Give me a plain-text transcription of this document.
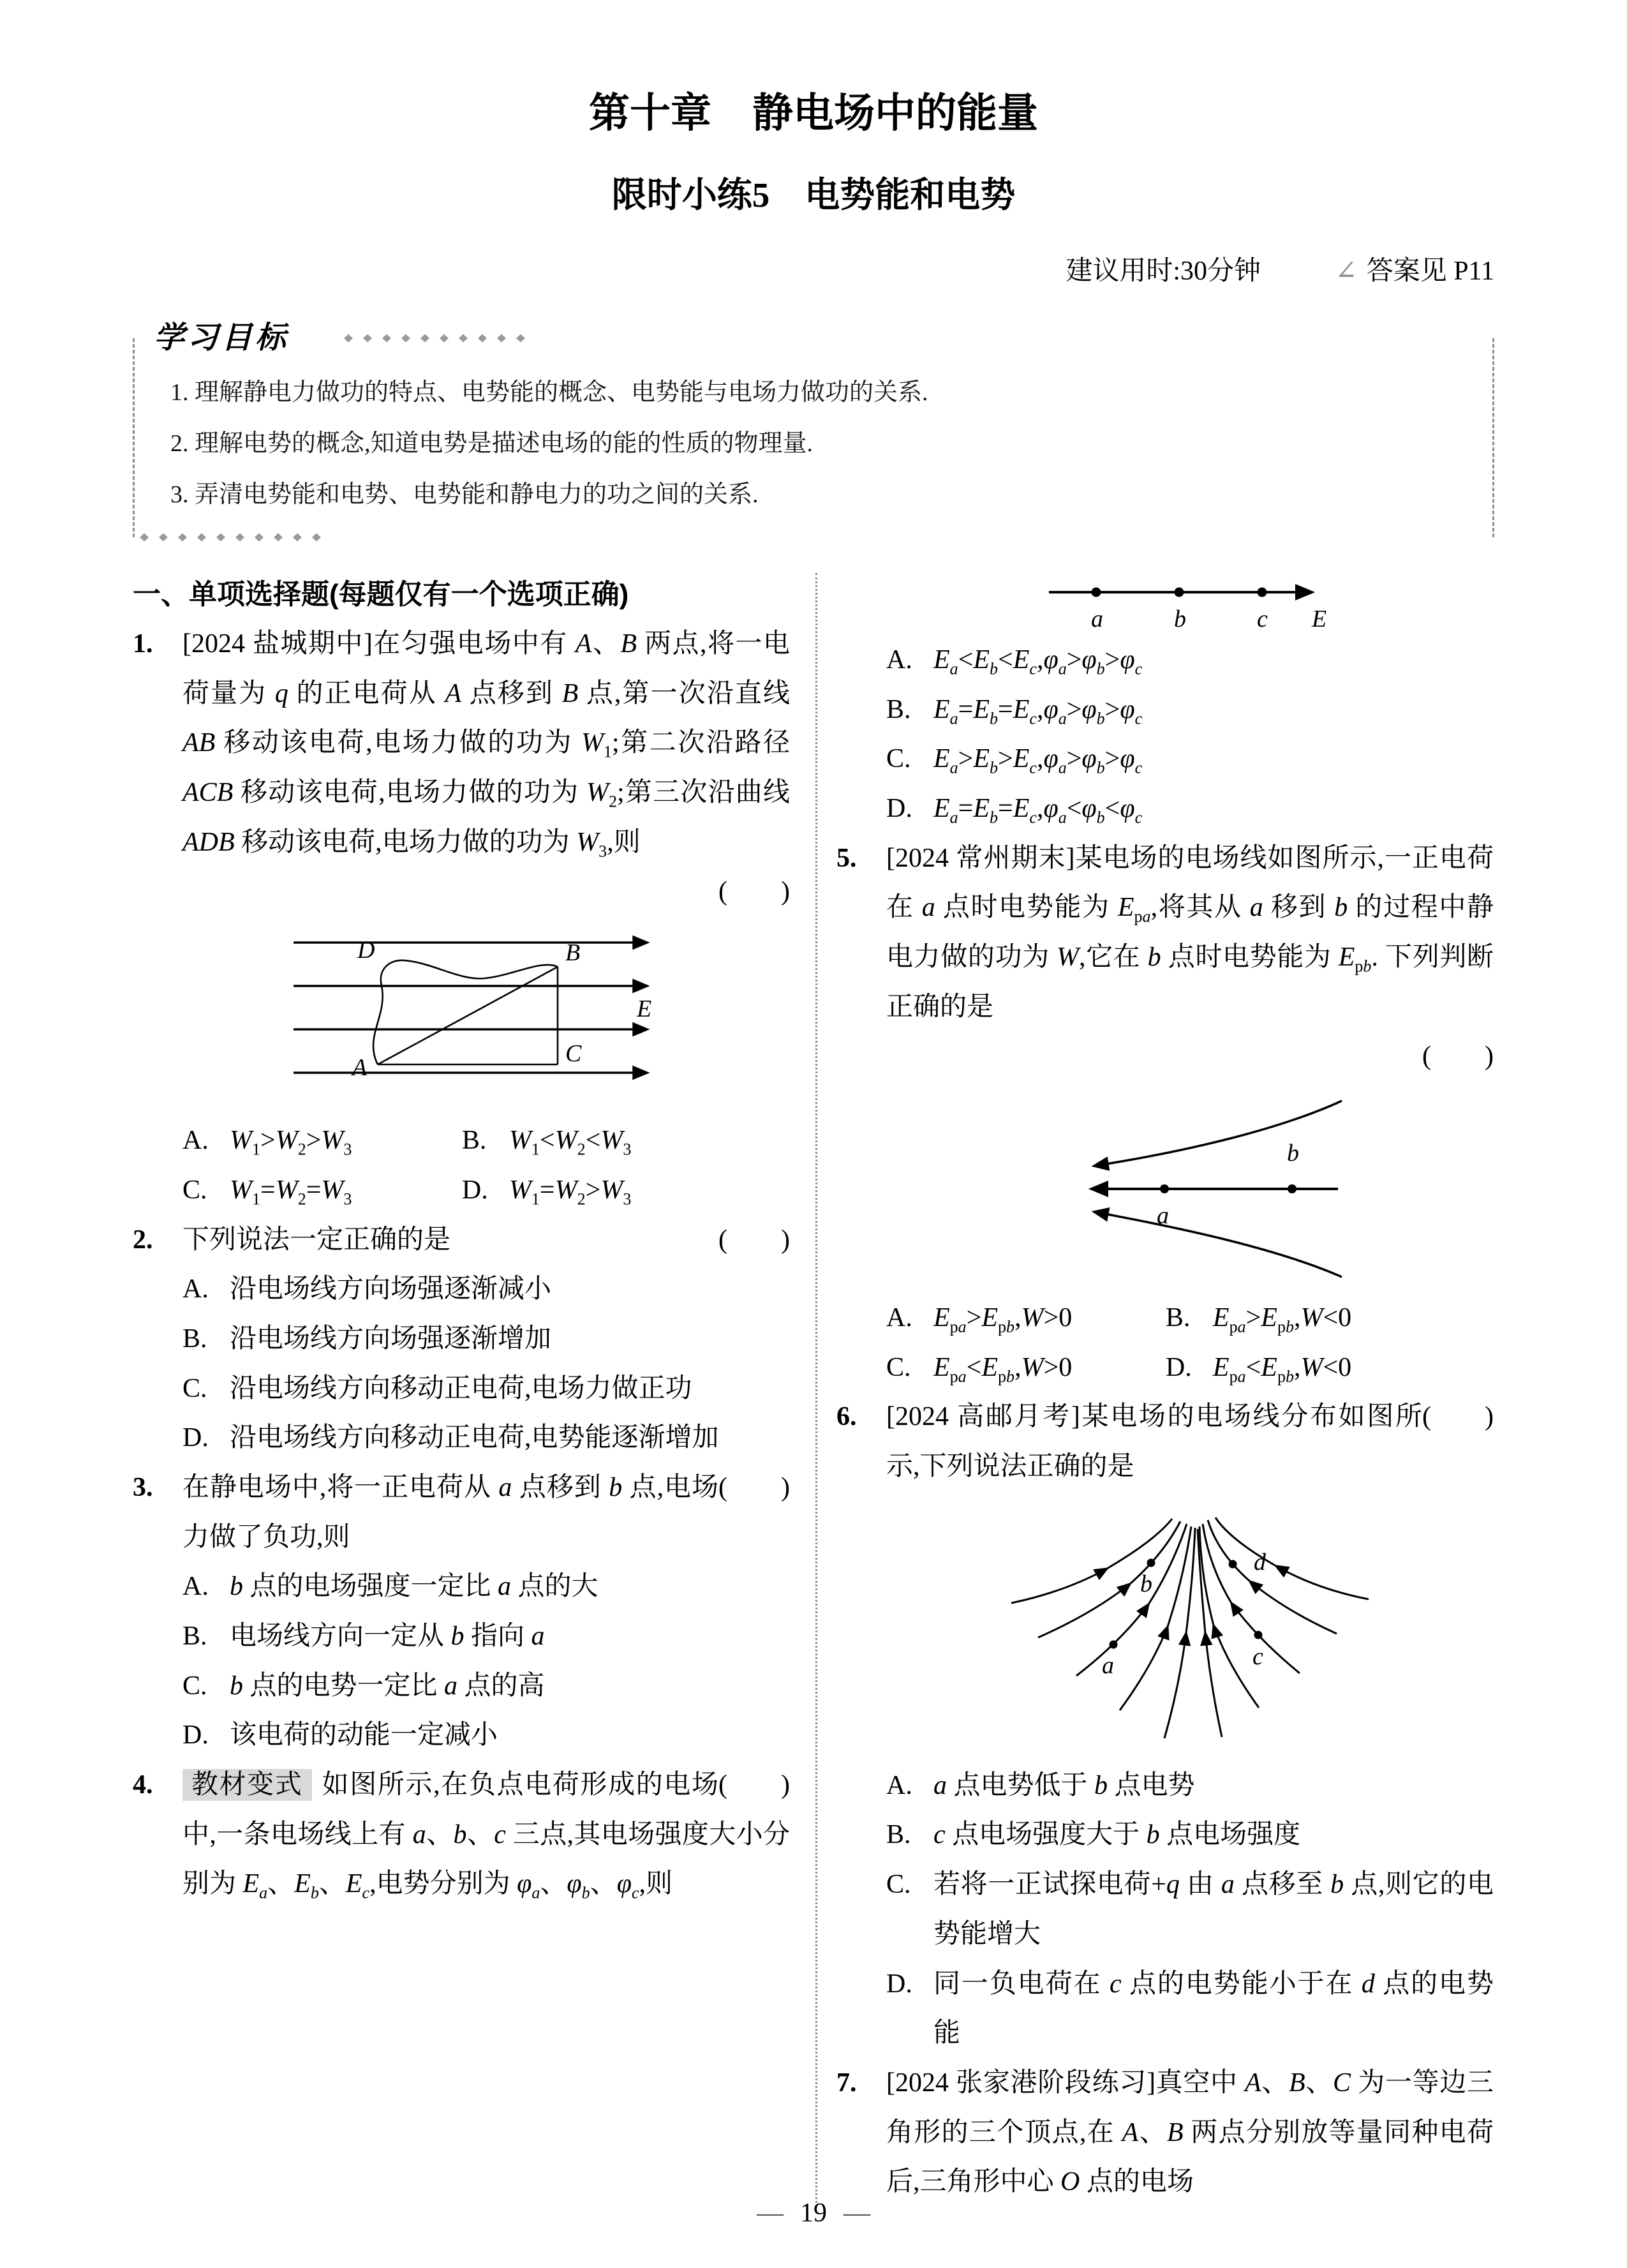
第十章　静电场中的能量
限时小练5　电势能和电势
建议用时:30分钟	∠ 答案见 P11
学习目标
1. 理解静电力做功的特点、电势能的概念、电势能与电场力做功的关系.
2. 理解电势的概念,知道电势是描述电场的能的性质的物理量.
3. 弄清电势能和电势、电势能和静电力的功之间的关系.
一、单项选择题(每题仅有一个选项正确)
1.	[2024 盐城期中]在匀强电场中有 A、B 两点,将一电荷量为 q 的正电荷从 A 点移到 B 点,第一次沿直线 AB 移动该电荷,电场力做的功为 $W_1$;第二次沿路径 ACB 移动该电荷,电场力做的功为 $W_2$;第三次沿曲线 ADB 移动该电荷,电场力做的功为 $W_3$,则
(　　)
D	B
A
C
E
A. $W_1>W_2>W_3$	B. $W_1<W_2<W_3$
C. $W_1=W_2=W_3$	D. $W_1=W_2>W_3$
2.	(　　)
下列说法一定正确的是
A. 沿电场线方向场强逐渐减小
B. 沿电场线方向场强逐渐增加
C. 沿电场线方向移动正电荷,电场力做正功
D. 沿电场线方向移动正电荷,电势能逐渐增加
3.	(　　)
在静电场中,将一正电荷从 a 点移到 b 点,电场力做了负功,则
A. b 点的电场强度一定比 a 点的大
B. 电场线方向一定从 b 指向 a
C. b 点的电势一定比 a 点的高
D. 该电荷的动能一定减小
4.	(　　)
教材变式 如图所示,在负点电荷形成的电场中,一条电场线上有 a、b、c 三点,其电场强度大小分别为 $E_a$、$E_b$、$E_c$,电势分别为 $\varphi_a$、$\varphi_b$、$\varphi_c$,则
a	b	c E
A. $E_a<E_b<E_c,\varphi_a>\varphi_b>\varphi_c$
B. $E_a=E_b=E_c,\varphi_a>\varphi_b>\varphi_c$
C. $E_a>E_b>E_c,\varphi_a>\varphi_b>\varphi_c$
D. $E_a=E_b=E_c,\varphi_a<\varphi_b<\varphi_c$
5.	[2024 常州期末]某电场的电场线如图所示,一正电荷在 a 点时电势能为 $E_{pa}$,将其从 a 移到 b 的过程中静电力做的功为 W,它在 b 点时电势能为 $E_{pb}$. 下列判断正确的是
(　　)
a
b
A. $E_{pa}>E_{pb},W>0$	B. $E_{pa}>E_{pb},W<0$
C. $E_{pa}<E_{pb},W>0$	D. $E_{pa}<E_{pb},W<0$
6.	(　　)
[2024 高邮月考]某电场的电场线分布如图所示,下列说法正确的是
b
a
d
c
A. a 点电势低于 b 点电势
B. c 点电场强度大于 b 点电场强度
C. 若将一正试探电荷+q 由 a 点移至 b 点,则它的电势能增大
D. 同一负电荷在 c 点的电势能小于在 d 点的电势能
7.	[2024 张家港阶段练习]真空中 A、B、C 为一等边三角形的三个顶点,在 A、B 两点分别放等量同种电荷后,三角形中心 O 点的电场
— 19 —
